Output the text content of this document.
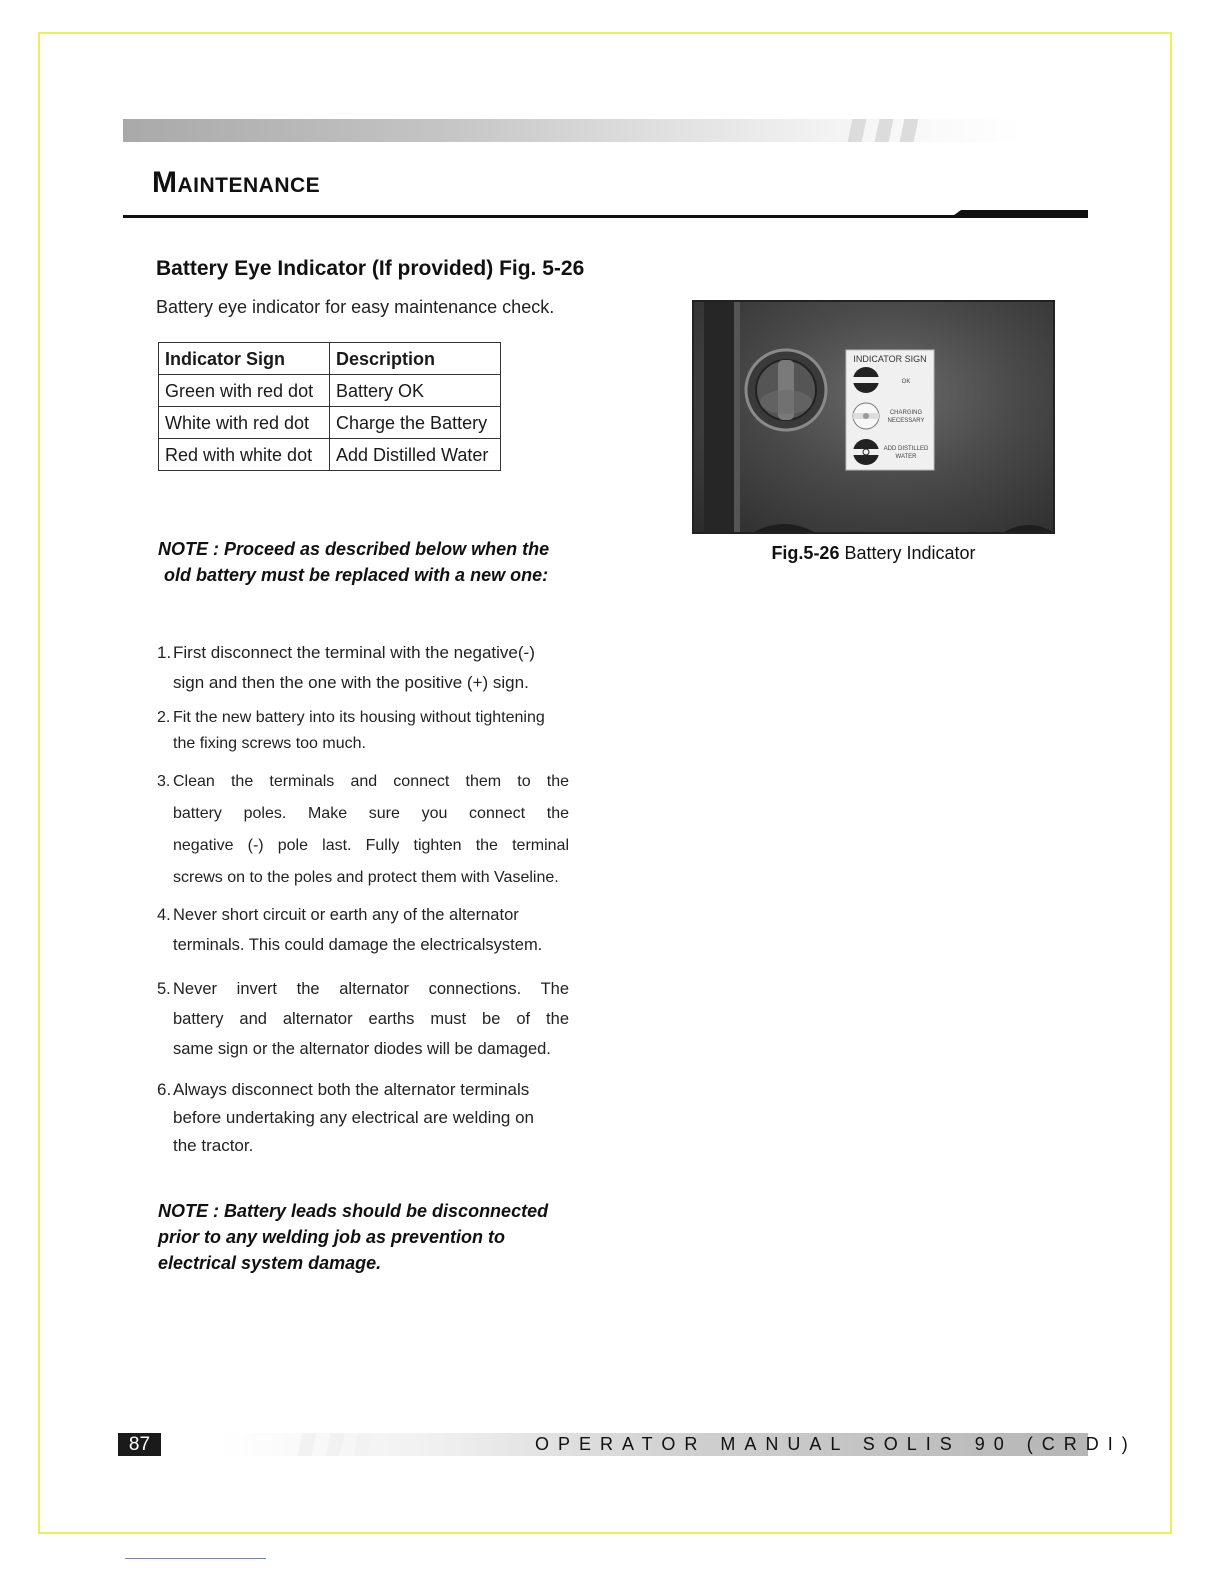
Maintenance
Battery Eye Indicator (If provided) Fig. 5-26
Battery eye indicator for easy maintenance check.
Indicator Sign	Description
Green with red dot	Battery OK
White with red dot	Charge the Battery
Red with white dot	Add Distilled Water
NOTE : Proceed as described below when the
old battery must be replaced with a new one:
1. First disconnect the terminal with the negative(-)
sign and then the one with the positive (+) sign.
2. Fit the new battery into its housing without tightening
the fixing screws too much.
3. Clean the terminals and connect them to the
battery poles. Make sure you connect the
negative (-) pole last. Fully tighten the terminal
screws on to the poles and protect them with Vaseline.
4. Never short circuit or earth any of the alternator
terminals. This could damage the electricalsystem.
5. Never invert the alternator connections. The
battery and alternator earths must be of the
same sign or the alternator diodes will be damaged.
6. Always disconnect both the alternator terminals
before undertaking any electrical are welding on
the tractor.
NOTE : Battery leads should be disconnected
prior to any welding job as prevention to
electrical system damage.
INDICATOR SIGN
OK
CHARGING
NECESSARY
ADD DISTILLED
WATER
Fig.5-26 Battery Indicator
87	OPERATOR MANUAL SOLIS 90 (CRDI)
